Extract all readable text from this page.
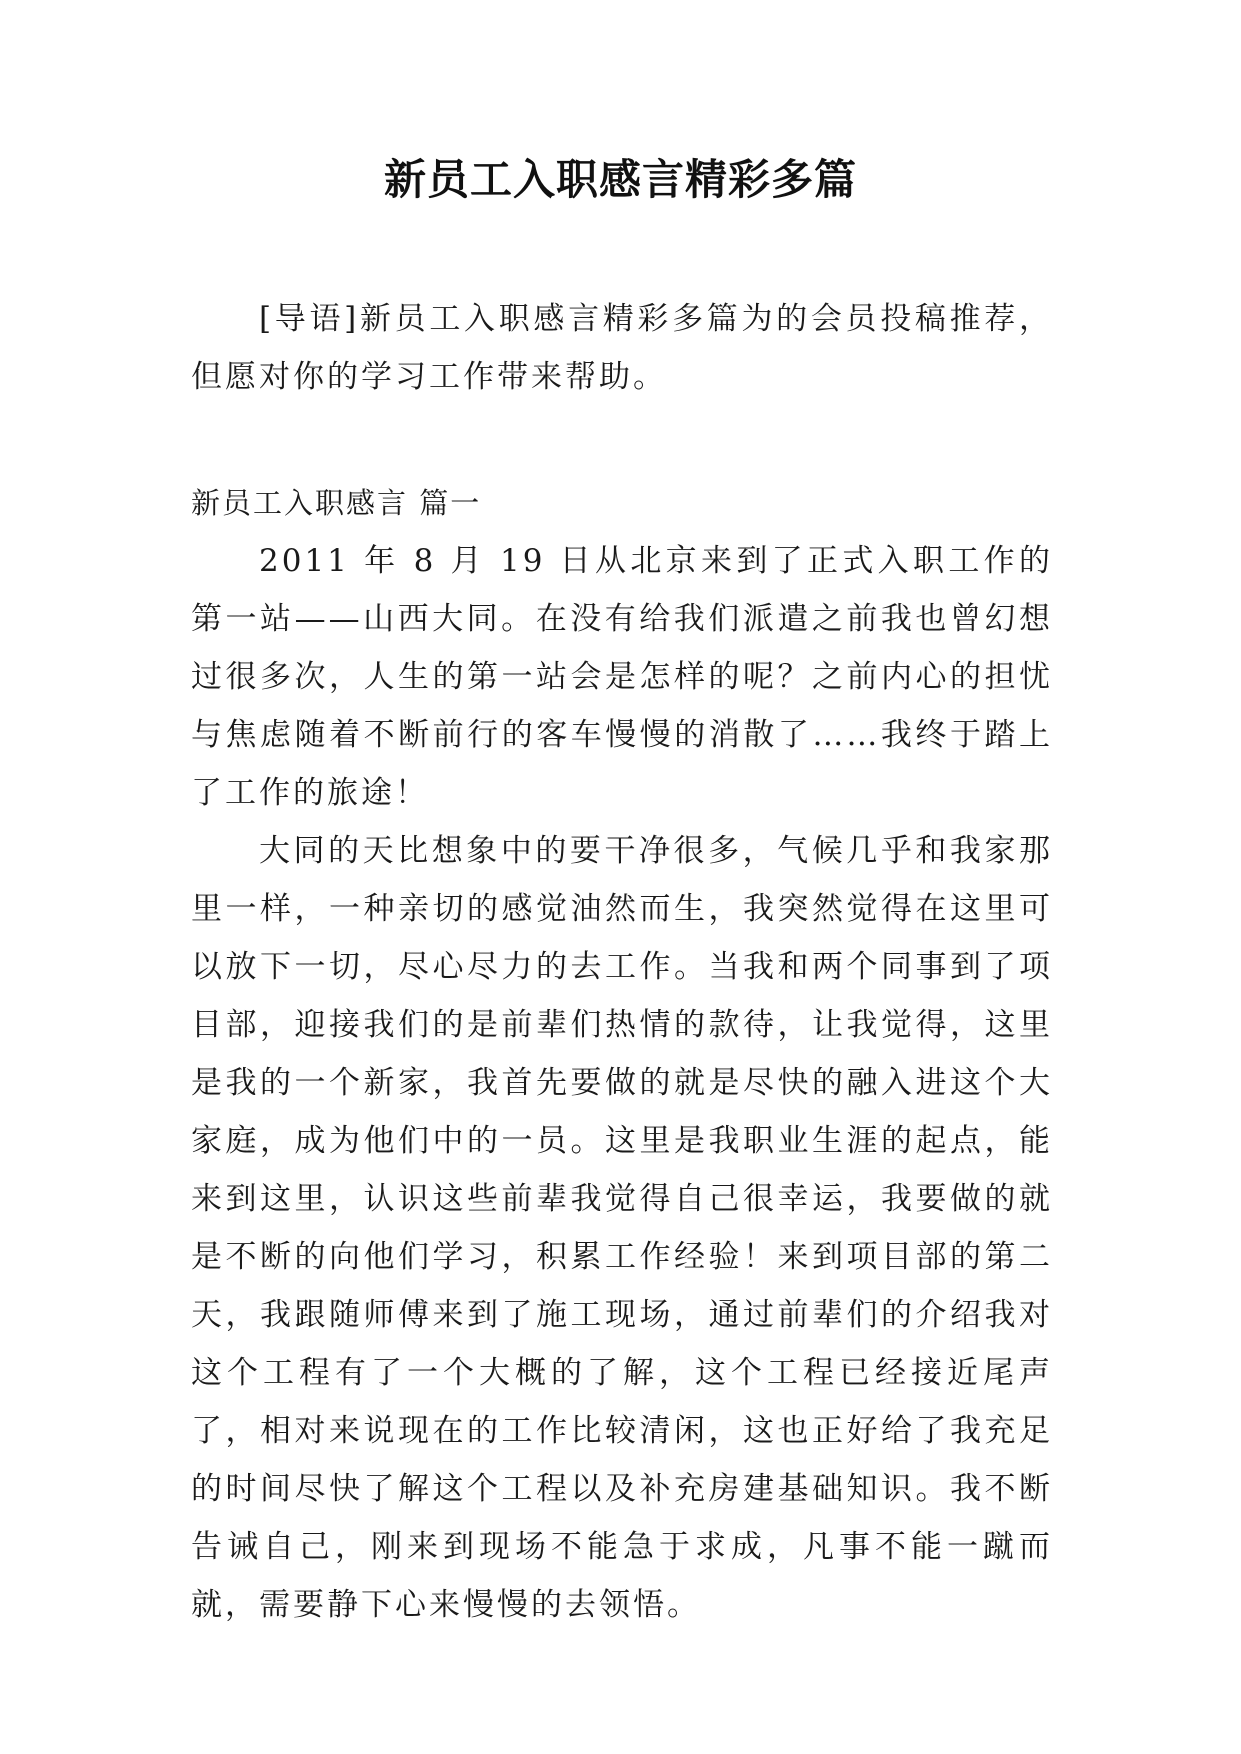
新员工入职感言精彩多篇

[导语]新员工入职感言精彩多篇为的会员投稿推荐，但愿对你的学习工作带来帮助。

新员工入职感言 篇一

2011 年 8 月 19 日从北京来到了正式入职工作的第一站——山西大同。在没有给我们派遣之前我也曾幻想过很多次，人生的第一站会是怎样的呢？之前内心的担忧与焦虑随着不断前行的客车慢慢的消散了……我终于踏上了工作的旅途！

大同的天比想象中的要干净很多，气候几乎和我家那里一样，一种亲切的感觉油然而生，我突然觉得在这里可以放下一切，尽心尽力的去工作。当我和两个同事到了项目部，迎接我们的是前辈们热情的款待，让我觉得，这里是我的一个新家，我首先要做的就是尽快的融入进这个大家庭，成为他们中的一员。这里是我职业生涯的起点，能来到这里，认识这些前辈我觉得自己很幸运，我要做的就是不断的向他们学习，积累工作经验！来到项目部的第二天，我跟随师傅来到了施工现场，通过前辈们的介绍我对这个工程有了一个大概的了解，这个工程已经接近尾声了，相对来说现在的工作比较清闲，这也正好给了我充足的时间尽快了解这个工程以及补充房建基础知识。我不断告诫自己，刚来到现场不能急于求成，凡事不能一蹴而就，需要静下心来慢慢的去领悟。
